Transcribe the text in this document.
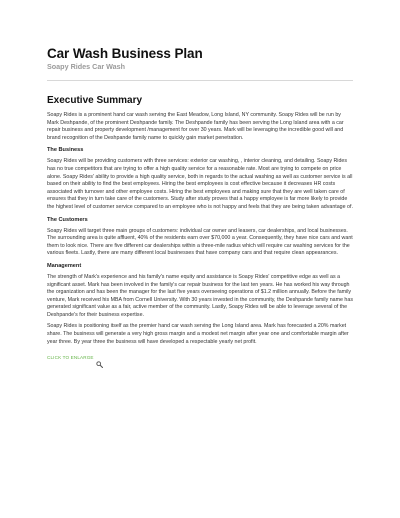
Car Wash Business Plan
Soapy Rides Car Wash
Executive Summary

Soapy Rides is a prominent hand car wash serving the East Meadow, Long Island, NY community. Soapy Rides will be run by Mark Deshpande, of the prominent Deshpande family. The Deshpande family has been serving the Long Island area with a car repair business and property development /management for over 30 years. Mark will be leveraging the incredible good will and brand recognition of the Deshpande family name to quickly gain market penetration.

The Business

Soapy Rides will be providing customers with three services: exterior car washing, , interior cleaning, and detailing. Soapy Rides has no true competitors that are trying to offer a high quality service for a reasonable rate. Most are trying to compete on price alone. Soapy Rides' ability to provide a high quality service, both in regards to the actual washing as well as customer service is all based on their ability to find the best employees. Hiring the best employees is cost effective because it decreases HR costs associated with turnover and other employee costs. Hiring the best employees and making sure that they are well taken care of ensures that they in turn take care of the customers. Study after study proves that a happy employee is far more likely to provide the highest level of customer service compared to an employee who is not happy and feels that they are being taken advantage of.

The Customers

Soapy Rides will target three main groups of customers: individual car owner and leasers, car dealerships, and local businesses. The surrounding area is quite affluent, 40% of the residents earn over $70,000 a year. Consequently, they have nice cars and want them to look nice. There are five different car dealerships within a three-mile radius which will require car washing services for the various fleets. Lastly, there are many different local businesses that have company cars and that require clean appearances.

Management

The strength of Mark's experience and his family's name equity and assistance is Soapy Rides' competitive edge as well as a significant asset. Mark has been involved in the family's car repair business for the last ten years. He has worked his way through the organization and has been the manager for the last five years overseeing operations of $1.2 million annually. Before the family venture, Mark received his MBA from Cornell University. With 30 years invested in the community, the Deshpande family name has generated significant value as a fair, active member of the community. Lastly, Soapy Rides will be able to leverage several of the Deshpande's for their business expertise.

Soapy Rides is positioning itself as the premier hand car wash serving the Long Island area. Mark has forecasted a 20% market share. The business will generate a very high gross margin and a modest net margin after year one and comfortable margin after year three. By year three the business will have developed a respectable yearly net profit.

CLICK TO ENLARGE
